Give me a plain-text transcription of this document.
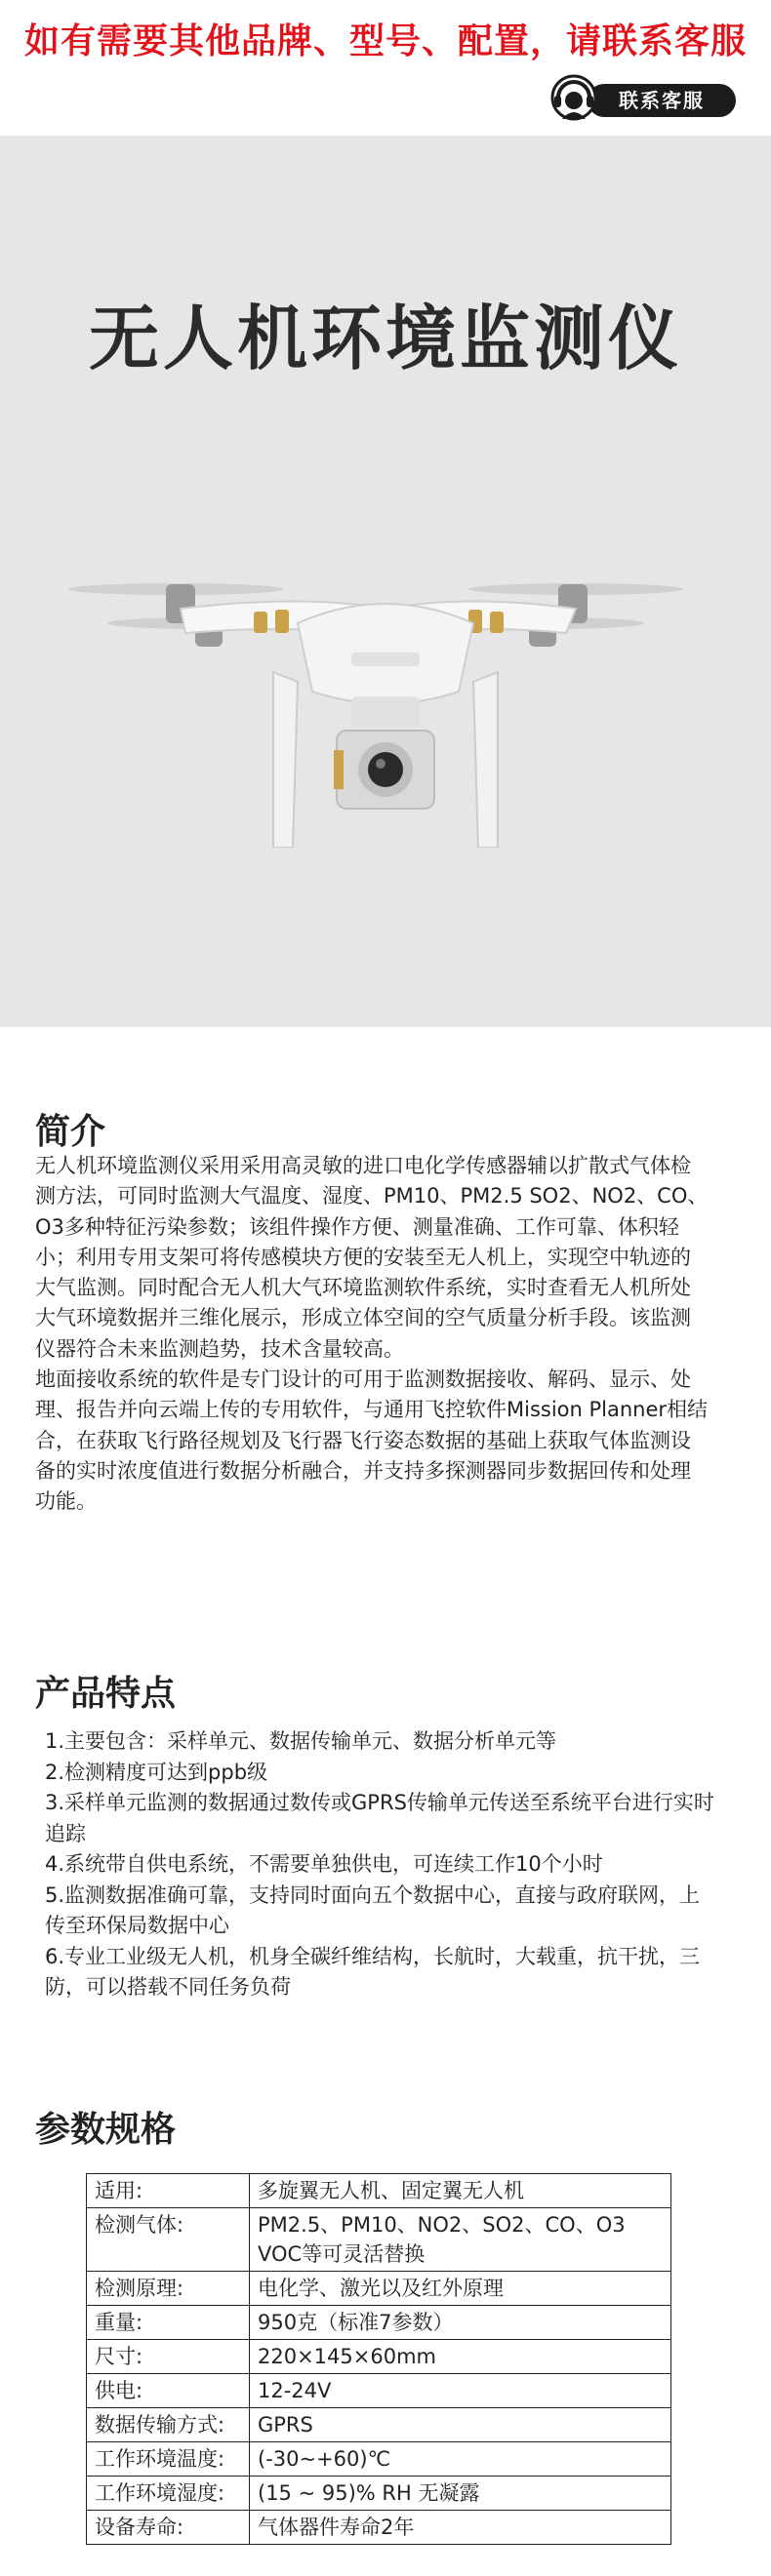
如有需要其他品牌、型号、配置，请联系客服
联系客服
无人机环境监测仪
简介

无人机环境监测仪采用采用高灵敏的进口电化学传感器辅以扩散式气体检测方法，可同时监测大气温度、湿度、PM10、PM2.5 SO2、NO2、CO、O3多种特征污染参数；该组件操作方便、测量准确、工作可靠、体积轻小；利用专用支架可将传感模块方便的安装至无人机上，实现空中轨迹的大气监测。同时配合无人机大气环境监测软件系统，实时查看无人机所处大气环境数据并三维化展示，形成立体空间的空气质量分析手段。该监测仪器符合未来监测趋势，技术含量较高。

地面接收系统的软件是专门设计的可用于监测数据接收、解码、显示、处理、报告并向云端上传的专用软件，与通用飞控软件Mission Planner相结合，在获取飞行路径规划及飞行器飞行姿态数据的基础上获取气体监测设备的实时浓度值进行数据分析融合，并支持多探测器同步数据回传和处理功能。

产品特点
1.主要包含：采样单元、数据传输单元、数据分析单元等
2.检测精度可达到ppb级
3.采样单元监测的数据通过数传或GPRS传输单元传送至系统平台进行实时追踪
4.系统带自供电系统，不需要单独供电，可连续工作10个小时
5.监测数据准确可靠，支持同时面向五个数据中心，直接与政府联网，上传至环保局数据中心
6.专业工业级无人机，机身全碳纤维结构，长航时，大载重，抗干扰，三防，可以搭载不同任务负荷
参数规格
适用:	多旋翼无人机、固定翼无人机
检测气体:	PM2.5、PM10、NO2、SO2、CO、O3 VOC等可灵活替换
检测原理:	电化学、激光以及红外原理
重量:	950克（标准7参数）
尺寸:	220×145×60mm
供电:	12-24V
数据传输方式:	GPRS
工作环境温度:	(-30~+60)℃
工作环境湿度:	(15 ~ 95)% RH 无凝露
设备寿命:	气体器件寿命2年
